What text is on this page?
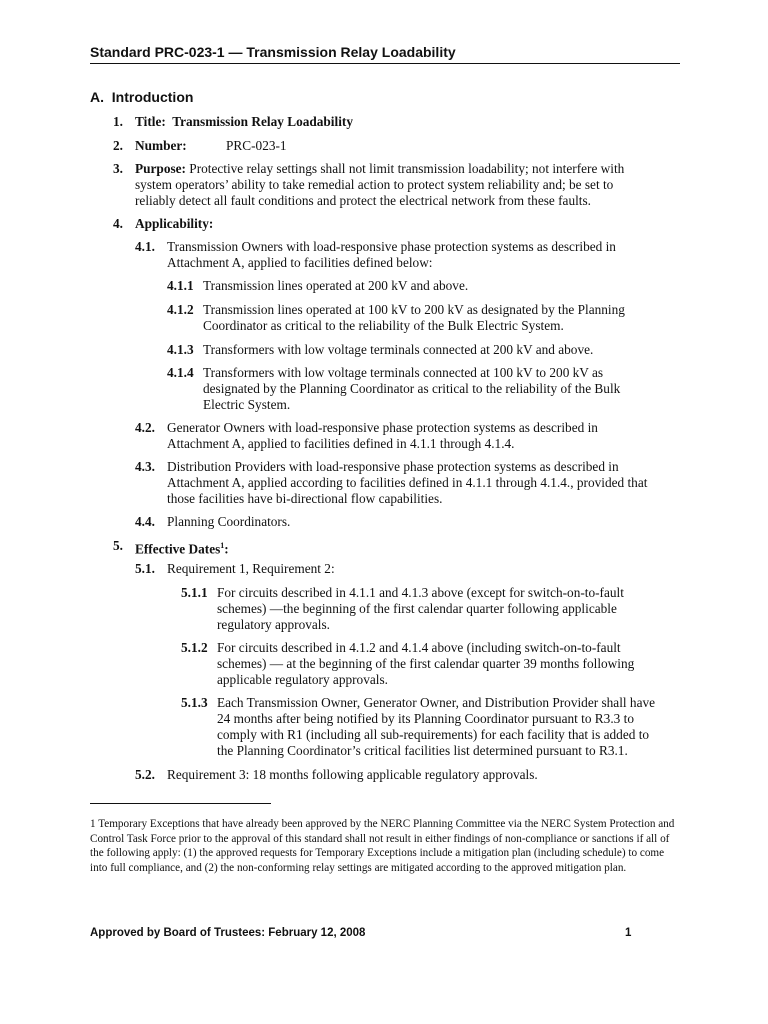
Standard PRC-023-1 — Transmission Relay Loadability
A. Introduction
1. Title: Transmission Relay Loadability
2. Number:	PRC-023-1
3. Purpose: Protective relay settings shall not limit transmission loadability; not interfere with
system operators’ ability to take remedial action to protect system reliability and; be set to
reliably detect all fault conditions and protect the electrical network from these faults.
4. Applicability:
4.1. Transmission Owners with load-responsive phase protection systems as described in
Attachment A, applied to facilities defined below:
4.1.1 Transmission lines operated at 200 kV and above.
4.1.2 Transmission lines operated at 100 kV to 200 kV as designated by the Planning
Coordinator as critical to the reliability of the Bulk Electric System.
4.1.3 Transformers with low voltage terminals connected at 200 kV and above.
4.1.4 Transformers with low voltage terminals connected at 100 kV to 200 kV as
designated by the Planning Coordinator as critical to the reliability of the Bulk
Electric System.
4.2. Generator Owners with load-responsive phase protection systems as described in
Attachment A, applied to facilities defined in 4.1.1 through 4.1.4.
4.3. Distribution Providers with load-responsive phase protection systems as described in
Attachment A, applied according to facilities defined in 4.1.1 through 4.1.4., provided that
those facilities have bi-directional flow capabilities.
4.4. Planning Coordinators.
5. Effective Dates$^1$:
5.1. Requirement 1, Requirement 2:
5.1.1 For circuits described in 4.1.1 and 4.1.3 above (except for switch-on-to-fault
schemes) —the beginning of the first calendar quarter following applicable
regulatory approvals.
5.1.2 For circuits described in 4.1.2 and 4.1.4 above (including switch-on-to-fault
schemes) — at the beginning of the first calendar quarter 39 months following
applicable regulatory approvals.
5.1.3 Each Transmission Owner, Generator Owner, and Distribution Provider shall have
24 months after being notified by its Planning Coordinator pursuant to R3.3 to
comply with R1 (including all sub-requirements) for each facility that is added to
the Planning Coordinator’s critical facilities list determined pursuant to R3.1.
5.2. Requirement 3: 18 months following applicable regulatory approvals.
1 Temporary Exceptions that have already been approved by the NERC Planning Committee via the NERC System Protection and Control Task Force prior to the approval of this standard shall not result in either findings of non-compliance or sanctions if all of the following apply: (1) the approved requests for Temporary Exceptions include a mitigation plan (including schedule) to come into full compliance, and (2) the non-conforming relay settings are mitigated according to the approved mitigation plan.
Approved by Board of Trustees: February 12, 2008	1
